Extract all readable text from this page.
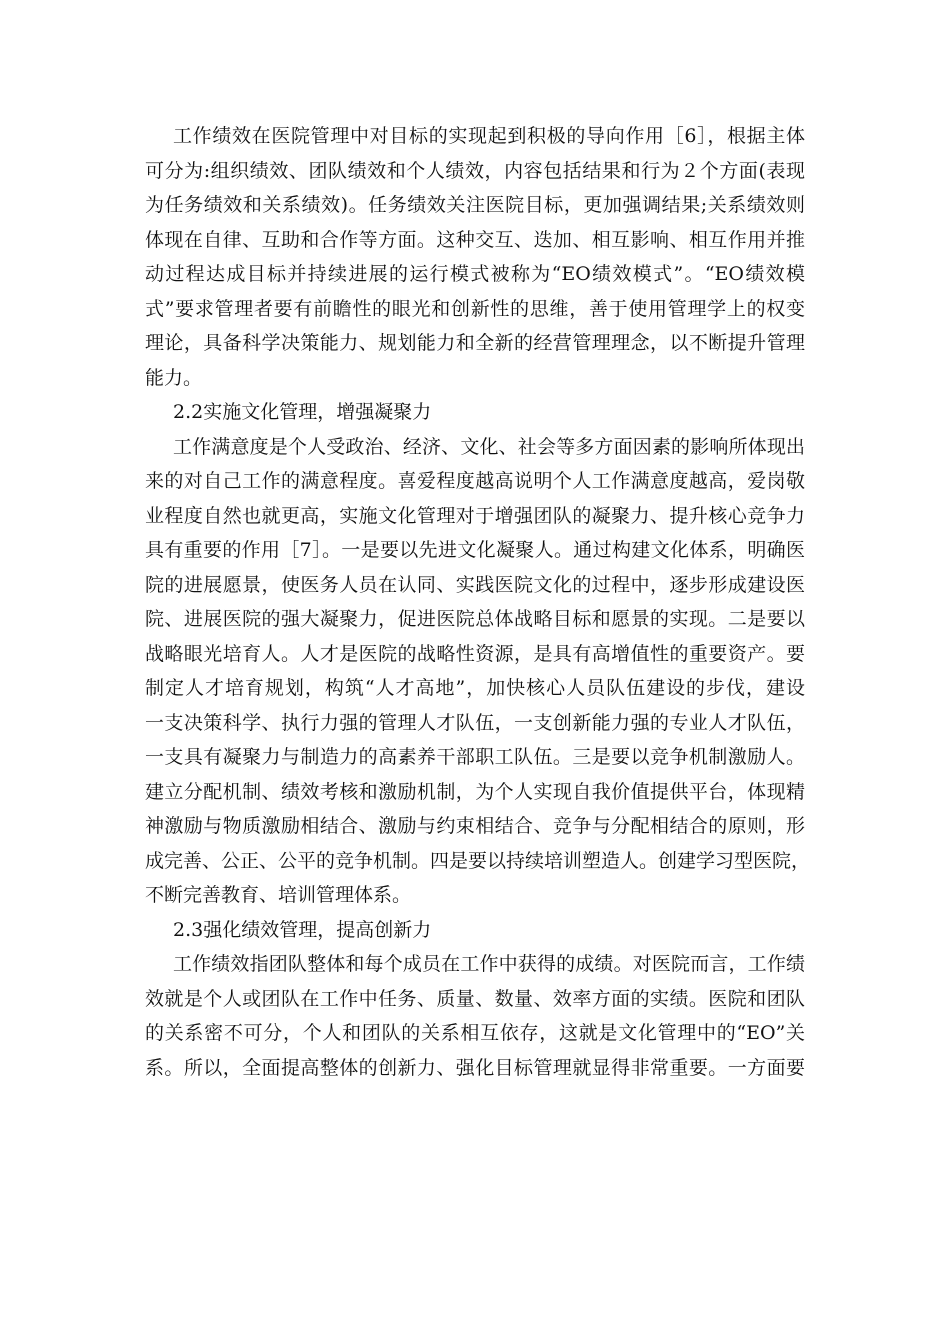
工作绩效在医院管理中对目标的实现起到积极的导向作用［6］，根据主体
可分为:组织绩效、团队绩效和个人绩效，内容包括结果和行为２个方面(表现
为任务绩效和关系绩效)。任务绩效关注医院目标，更加强调结果;关系绩效则
体现在自律、互助和合作等方面。这种交互、迭加、相互影响、相互作用并推
动过程达成目标并持续进展的运行模式被称为“EO绩效模式”。“EO绩效模
式”要求管理者要有前瞻性的眼光和创新性的思维，善于使用管理学上的权变
理论，具备科学决策能力、规划能力和全新的经营管理理念，以不断提升管理
能力。
2.2实施文化管理，增强凝聚力
工作满意度是个人受政治、经济、文化、社会等多方面因素的影响所体现出
来的对自己工作的满意程度。喜爱程度越高说明个人工作满意度越高，爱岗敬
业程度自然也就更高，实施文化管理对于增强团队的凝聚力、提升核心竞争力
具有重要的作用［7］。一是要以先进文化凝聚人。通过构建文化体系，明确医
院的进展愿景，使医务人员在认同、实践医院文化的过程中，逐步形成建设医
院、进展医院的强大凝聚力，促进医院总体战略目标和愿景的实现。二是要以
战略眼光培育人。人才是医院的战略性资源，是具有高增值性的重要资产。要
制定人才培育规划，构筑“人才高地”，加快核心人员队伍建设的步伐，建设
一支决策科学、执行力强的管理人才队伍，一支创新能力强的专业人才队伍，
一支具有凝聚力与制造力的高素养干部职工队伍。三是要以竞争机制激励人。
建立分配机制、绩效考核和激励机制，为个人实现自我价值提供平台，体现精
神激励与物质激励相结合、激励与约束相结合、竞争与分配相结合的原则，形
成完善、公正、公平的竞争机制。四是要以持续培训塑造人。创建学习型医院，
不断完善教育、培训管理体系。
2.3强化绩效管理，提高创新力
工作绩效指团队整体和每个成员在工作中获得的成绩。对医院而言，工作绩
效就是个人或团队在工作中任务、质量、数量、效率方面的实绩。医院和团队
的关系密不可分，个人和团队的关系相互依存，这就是文化管理中的“EO”关
系。所以，全面提高整体的创新力、强化目标管理就显得非常重要。一方面要
